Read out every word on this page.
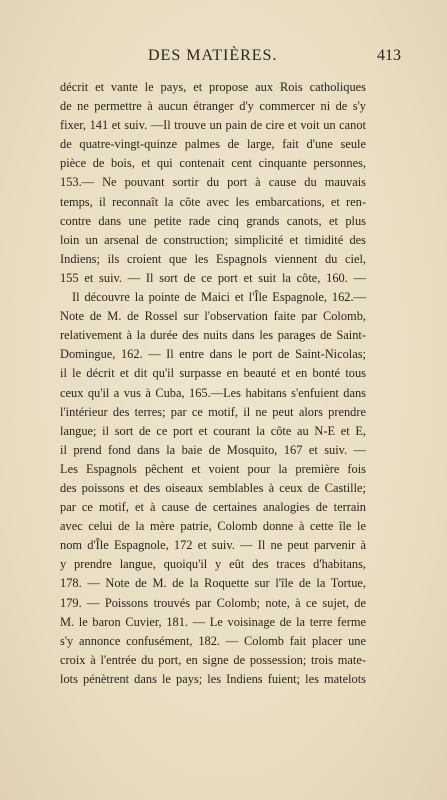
DES MATIÈRES.	413
décrit et vante le pays, et propose aux Rois catholiques
de ne permettre à aucun étranger d'y commercer ni de s'y
fixer, 141 et suiv. —Il trouve un pain de cire et voit un canot
de quatre-vingt-quinze palmes de large, fait d'une seule
pièce de bois, et qui contenait cent cinquante personnes,
153.— Ne pouvant sortir du port à cause du mauvais
temps, il reconnaît la côte avec les embarcations, et ren-
contre dans une petite rade cinq grands canots, et plus
loin un arsenal de construction; simplicité et timidité des
Indiens; ils croient que les Espagnols viennent du ciel,
155 et suiv. — Il sort de ce port et suit la côte, 160. —
Il découvre la pointe de Maici et l'Île Espagnole, 162.—
Note de M. de Rossel sur l'observation faite par Colomb,
relativement à la durée des nuits dans les parages de Saint-
Domingue, 162. — Il entre dans le port de Saint-Nicolas;
il le décrit et dit qu'il surpasse en beauté et en bonté tous
ceux qu'il a vus à Cuba, 165.—Les habitans s'enfuient dans
l'intérieur des terres; par ce motif, il ne peut alors prendre
langue; il sort de ce port et courant la côte au N-E et E,
il prend fond dans la baie de Mosquito, 167 et suiv. —
Les Espagnols pêchent et voient pour la première fois
des poissons et des oiseaux semblables à ceux de Castille;
par ce motif, et à cause de certaines analogies de terrain
avec celui de la mère patrie, Colomb donne à cette île le
nom d'Île Espagnole, 172 et suiv. — Il ne peut parvenir à
y prendre langue, quoiqu'il y eût des traces d'habitans,
178. — Note de M. de la Roquette sur l'île de la Tortue,
179. — Poissons trouvés par Colomb; note, à ce sujet, de
M. le baron Cuvier, 181. — Le voisinage de la terre ferme
s'y annonce confusément, 182. — Colomb fait placer une
croix à l'entrée du port, en signe de possession; trois mate-
lots pénètrent dans le pays; les Indiens fuient; les matelots
